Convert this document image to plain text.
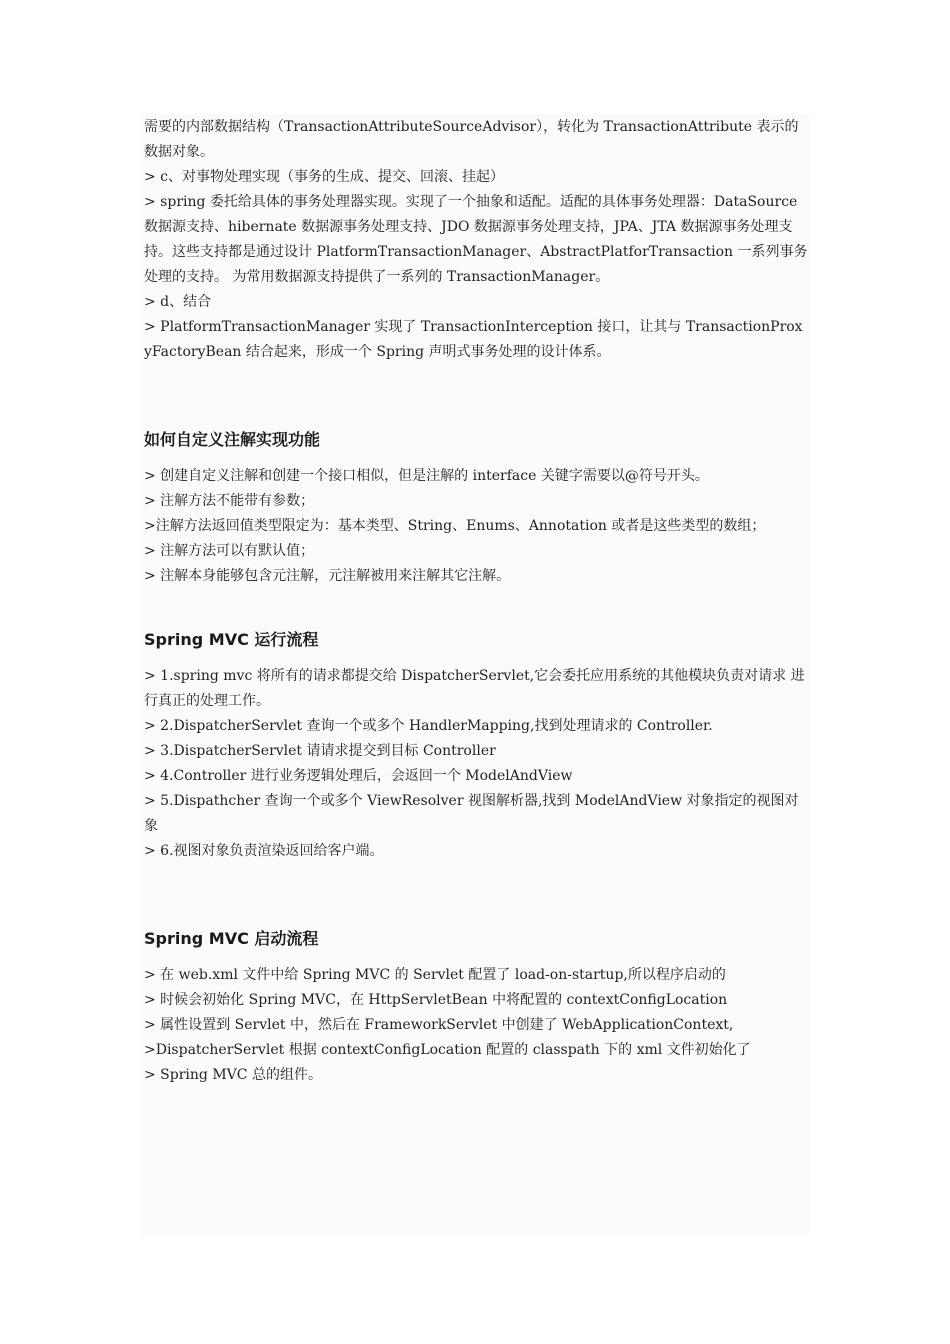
需要的内部数据结构（TransactionAttributeSourceAdvisor），转化为 TransactionAttribute 表示的数据对象。

> c、对事物处理实现（事务的生成、提交、回滚、挂起）

> spring 委托给具体的事务处理器实现。实现了一个抽象和适配。适配的具体事务处理器：DataSource 数据源支持、hibernate 数据源事务处理支持、JDO 数据源事务处理支持，JPA、JTA 数据源事务处理支持。这些支持都是通过设计 PlatformTransactionManager、AbstractPlatforTransaction 一系列事务处理的支持。 为常用数据源支持提供了一系列的 TransactionManager。

> d、结合

> PlatformTransactionManager 实现了 TransactionInterception 接口，让其与 TransactionProxyFactoryBean 结合起来，形成一个 Spring 声明式事务处理的设计体系。

如何自定义注解实现功能

> 创建自定义注解和创建一个接口相似，但是注解的 interface 关键字需要以@符号开头。

> 注解方法不能带有参数；

>注解方法返回值类型限定为：基本类型、String、Enums、Annotation 或者是这些类型的数组；

> 注解方法可以有默认值；

> 注解本身能够包含元注解，元注解被用来注解其它注解。

Spring MVC 运行流程

> 1.spring mvc 将所有的请求都提交给 DispatcherServlet,它会委托应用系统的其他模块负责对请求 进行真正的处理工作。

> 2.DispatcherServlet 查询一个或多个 HandlerMapping,找到处理请求的 Controller.

> 3.DispatcherServlet 请请求提交到目标 Controller

> 4.Controller 进行业务逻辑处理后，会返回一个 ModelAndView

> 5.Dispathcher 查询一个或多个 ViewResolver 视图解析器,找到 ModelAndView 对象指定的视图对象

> 6.视图对象负责渲染返回给客户端。

Spring MVC 启动流程

> 在 web.xml 文件中给 Spring MVC 的 Servlet 配置了 load-on-startup,所以程序启动的

> 时候会初始化 Spring MVC，在 HttpServletBean 中将配置的 contextConfigLocation

> 属性设置到 Servlet 中，然后在 FrameworkServlet 中创建了 WebApplicationContext,

>DispatcherServlet 根据 contextConfigLocation 配置的 classpath 下的 xml 文件初始化了

> Spring MVC 总的组件。
